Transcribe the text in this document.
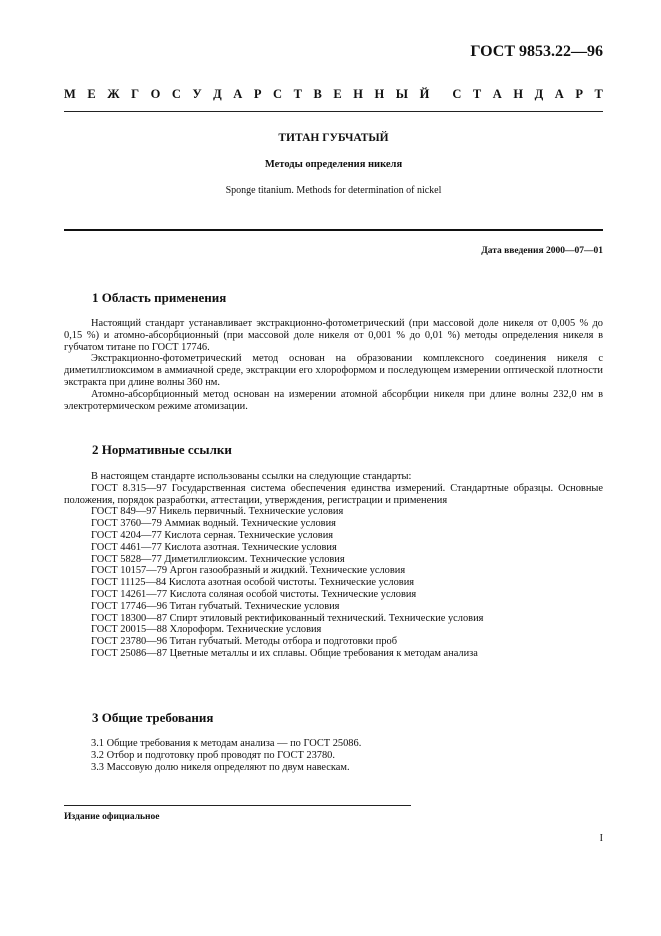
ГОСТ 9853.22—96
М Е Ж Г О С У Д А Р С Т В Е Н Н Ы Й С Т А Н Д А Р Т
ТИТАН ГУБЧАТЫЙ
Методы определения никеля
Sponge titanium. Methods for determination of nickel
Дата введения 2000—07—01
1 Область применения

Настоящий стандарт устанавливает экстракционно-фотометрический (при массовой доле никеля от 0,005 % до 0,15 %) и атомно-абсорбционный (при массовой доле никеля от 0,001 % до 0,01 %) методы определения никеля в губчатом титане по ГОСТ 17746.

Экстракционно-фотометрический метод основан на образовании комплексного соединения никеля с диметилглиоксимом в аммиачной среде, экстракции его хлороформом и последующем измерении оптической плотности экстракта при длине волны 360 нм.

Атомно-абсорбционный метод основан на измерении атомной абсорбции никеля при длине волны 232,0 нм в электротермическом режиме атомизации.

2 Нормативные ссылки
В настоящем стандарте использованы ссылки на следующие стандарты:
ГОСТ 8.315—97 Государственная система обеспечения единства измерений. Стандартные образцы. Основные положения, порядок разработки, аттестации, утверждения, регистрации и применения
ГОСТ 849—97 Никель первичный. Технические условия
ГОСТ 3760—79 Аммиак водный. Технические условия
ГОСТ 4204—77 Кислота серная. Технические условия
ГОСТ 4461—77 Кислота азотная. Технические условия
ГОСТ 5828—77 Диметилглиоксим. Технические условия
ГОСТ 10157—79 Аргон газообразный и жидкий. Технические условия
ГОСТ 11125—84 Кислота азотная особой чистоты. Технические условия
ГОСТ 14261—77 Кислота соляная особой чистоты. Технические условия
ГОСТ 17746—96 Титан губчатый. Технические условия
ГОСТ 18300—87 Спирт этиловый ректификованный технический. Технические условия
ГОСТ 20015—88 Хлороформ. Технические условия
ГОСТ 23780—96 Титан губчатый. Методы отбора и подготовки проб
ГОСТ 25086—87 Цветные металлы и их сплавы. Общие требования к методам анализа
3 Общие требования
3.1 Общие требования к методам анализа — по ГОСТ 25086.
3.2 Отбор и подготовку проб проводят по ГОСТ 23780.
3.3 Массовую долю никеля определяют по двум навескам.
Издание официальное
I
